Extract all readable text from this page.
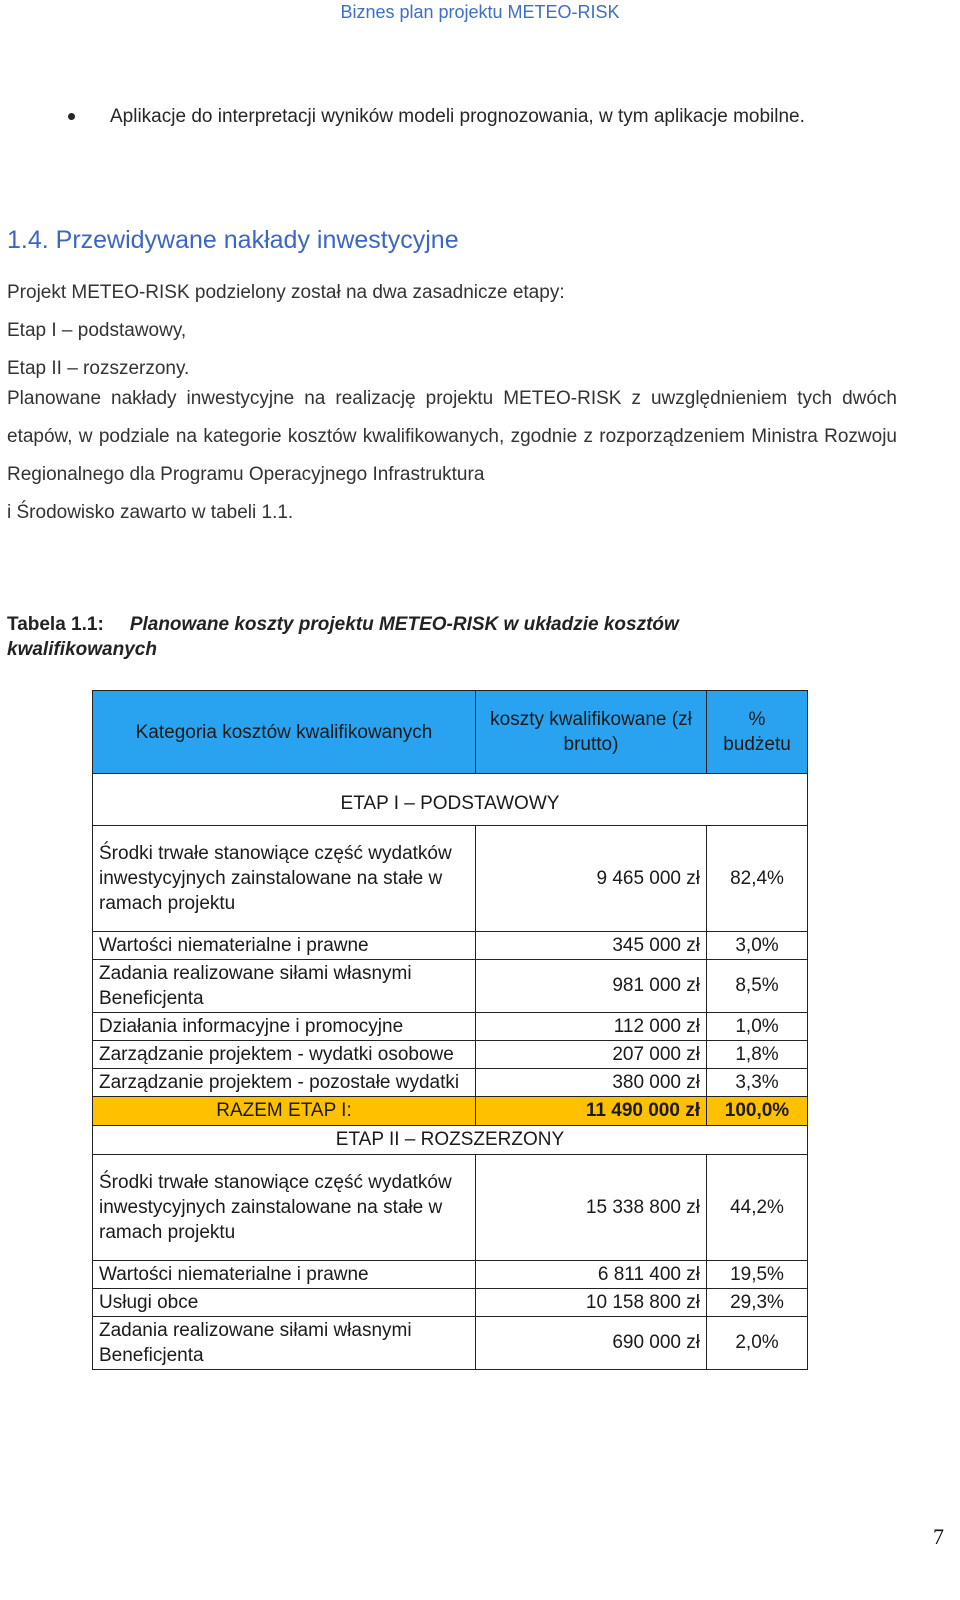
Biznes plan projektu METEO-RISK
Aplikacje do interpretacji wyników modeli prognozowania, w tym aplikacje mobilne.
1.4. Przewidywane nakłady inwestycyjne
Projekt METEO-RISK podzielony został na dwa zasadnicze etapy:
Etap I – podstawowy,
Etap II – rozszerzony.
Planowane nakłady inwestycyjne na realizację projektu METEO-RISK z uwzględnieniem tych dwóch etapów, w podziale na kategorie kosztów kwalifikowanych, zgodnie z rozporządzeniem Ministra Rozwoju Regionalnego dla Programu Operacyjnego Infrastruktura
i Środowisko zawarto w tabeli 1.1.
Tabela 1.1: Planowane koszty projektu METEO-RISK w układzie kosztów kwalifikowanych
Kategoria kosztów kwalifikowanych	koszty kwalifikowane (zł brutto)	% budżetu
ETAP I – PODSTAWOWY		
Środki trwałe stanowiące część wydatków inwestycyjnych zainstalowane na stałe w ramach projektu	9 465 000 zł	82,4%
Wartości niematerialne i prawne	345 000 zł	3,0%
Zadania realizowane siłami własnymi Beneficjenta	981 000 zł	8,5%
Działania informacyjne i promocyjne	112 000 zł	1,0%
Zarządzanie projektem - wydatki osobowe	207 000 zł	1,8%
Zarządzanie projektem - pozostałe wydatki	380 000 zł	3,3%
RAZEM ETAP I:	11 490 000 zł	100,0%
ETAP II – ROZSZERZONY		
Środki trwałe stanowiące część wydatków inwestycyjnych zainstalowane na stałe w ramach projektu	15 338 800 zł	44,2%
Wartości niematerialne i prawne	6 811 400 zł	19,5%
Usługi obce	10 158 800 zł	29,3%
Zadania realizowane siłami własnymi Beneficjenta	690 000 zł	2,0%
7
